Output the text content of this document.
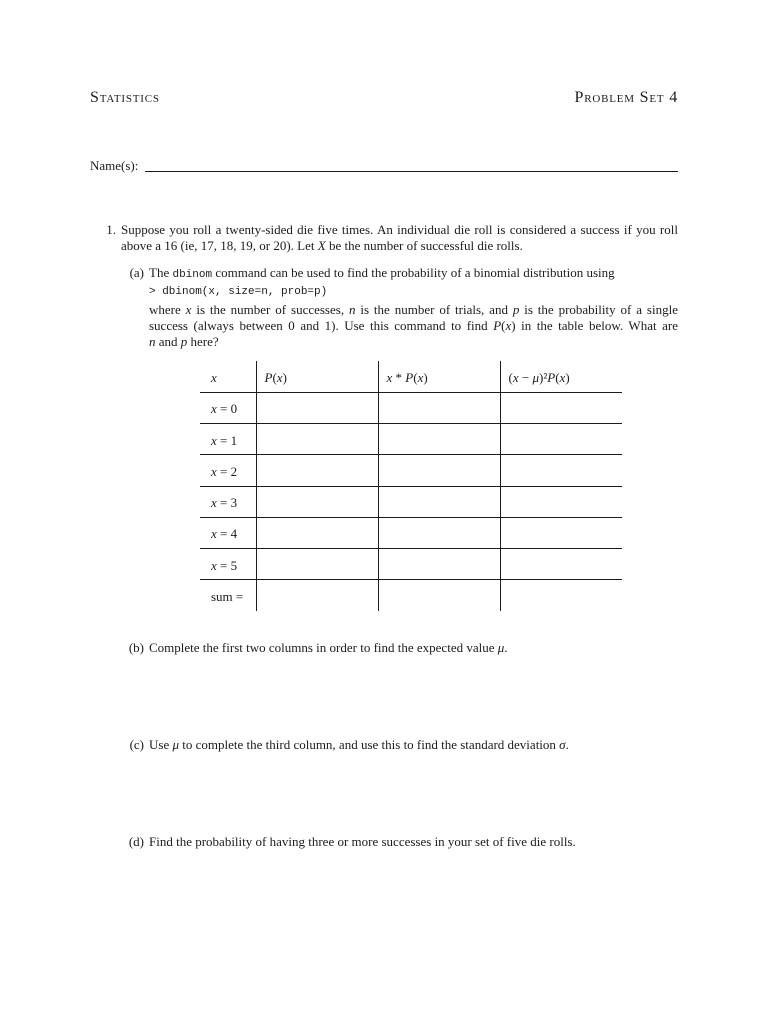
Statistics	Problem Set 4
Name(s):
1. Suppose you roll a twenty-sided die five times. An individual die roll is considered a success if you roll
above a 16 (ie, 17, 18, 19, or 20). Let X be the number of successful die rolls.
(a) The dbinom command can be used to find the probability of a binomial distribution using
> dbinom(x, size=n, prob=p)
where x is the number of successes, n is the number of trials, and p is the probability of a single
success (always between 0 and 1). Use this command to find P(x) in the table below. What are
n and p here?
x	P(x)	x * P(x)	(x − μ)²P(x)
x = 0			
x = 1			
x = 2			
x = 3			
x = 4			
x = 5			
sum =			
(b) Complete the first two columns in order to find the expected value μ.
(c) Use μ to complete the third column, and use this to find the standard deviation σ.
(d) Find the probability of having three or more successes in your set of five die rolls.
